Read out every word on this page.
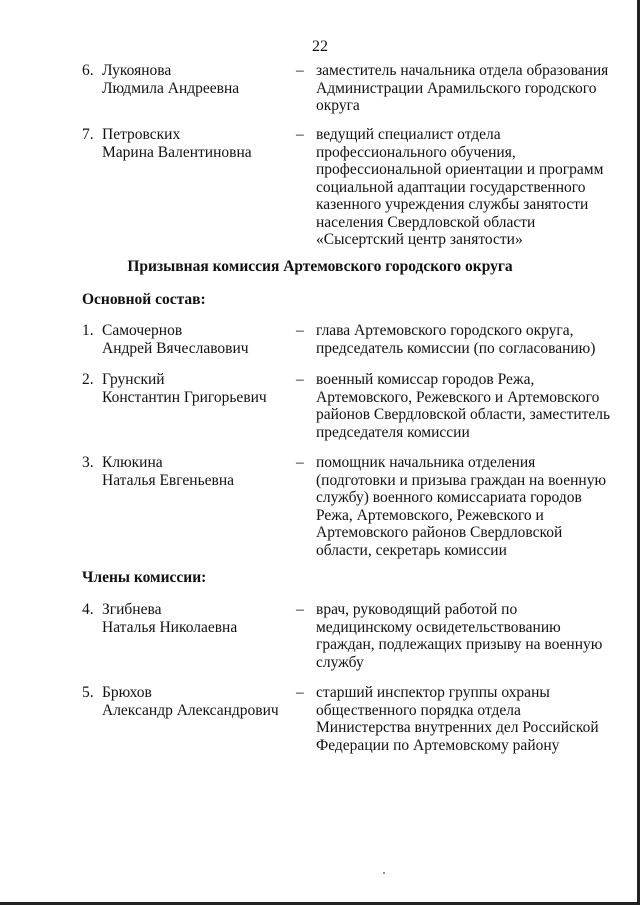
22
6. Лукоянова
Людмила Андреевна
– заместитель начальника отдела образования
Администрации Арамильского городского
округа
7. Петровских
Марина Валентиновна
– ведущий специалист отдела
профессионального обучения,
профессиональной ориентации и программ
социальной адаптации государственного
казенного учреждения службы занятости
населения Свердловской области
«Сысертский центр занятости»
Призывная комиссия Артемовского городского округа
Основной состав:
1. Самочернов
Андрей Вячеславович
– глава Артемовского городского округа,
председатель комиссии (по согласованию)
2. Грунский
Константин Григорьевич
– военный комиссар городов Режа,
Артемовского, Режевского и Артемовского
районов Свердловской области, заместитель
председателя комиссии
3. Клюкина
Наталья Евгеньевна
– помощник начальника отделения
(подготовки и призыва граждан на военную
службу) военного комиссариата городов
Режа, Артемовского, Режевского и
Артемовского районов Свердловской
области, секретарь комиссии
Члены комиссии:
4. Згибнева
Наталья Николаевна
– врач, руководящий работой по
медицинскому освидетельствованию
граждан, подлежащих призыву на военную
службу
5. Брюхов
Александр Александрович
– старший инспектор группы охраны
общественного порядка отдела
Министерства внутренних дел Российской
Федерации по Артемовскому району
